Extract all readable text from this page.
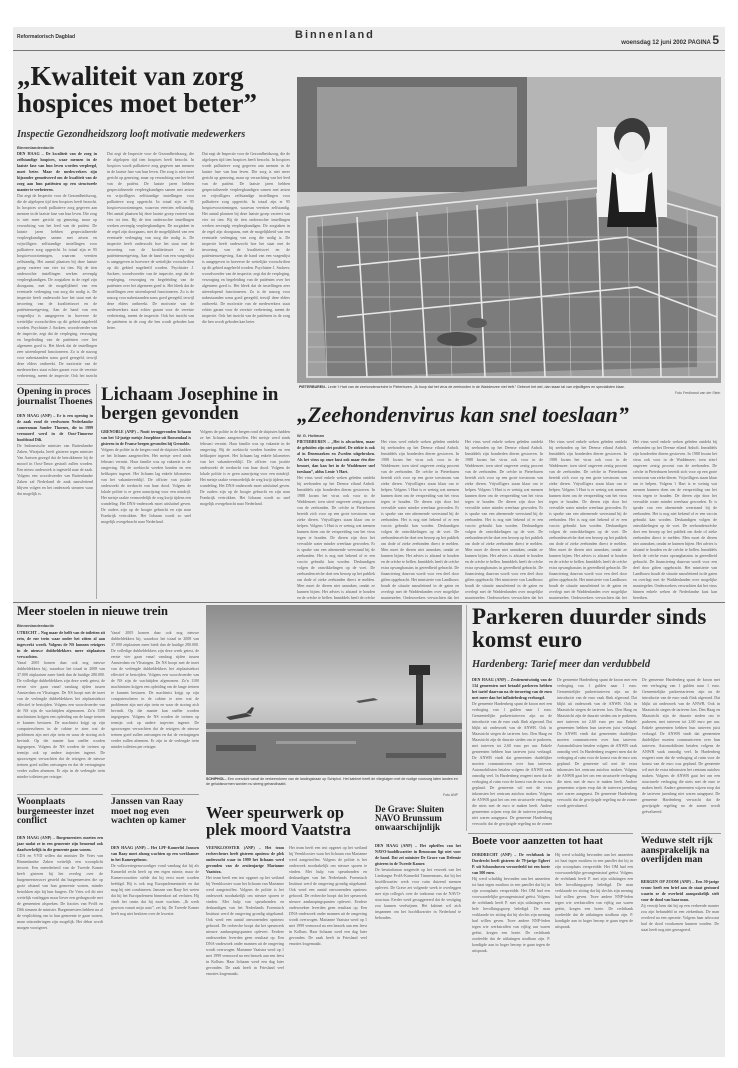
Reformatorisch Dagblad	Binnenland
woensdag 12 juni 2002 PAGINA 5
„Kwaliteit van zorg hospices moet beter”
Inspectie Gezondheidszorg looft motivatie medewerkers
Binnenlandredactie

DEN HAAG – De kwaliteit van de zorg in zelfstandige hospices, waar mensen in de laatste fase van hun leven worden verpleegd, moet beter. Maar de medewerkers zijn bijzonder gemotiveerd om de kwaliteit van de zorg aan hun patiënten op een structurele manier te verbeteren.

Dat zegt de Inspectie voor de Gezondheidszorg, die de afgelopen tijd tien hospices heeft bezocht. In hospices wordt palliatieve zorg gegeven aan mensen in de laatste fase van hun leven. Die zorg is niet meer gericht op genezing, maar op verzachting van het leed van de patiënt. De laatste jaren hebben gespecialiseerde verpleegkundigen samen met artsen en vrijwilligers zelfstandige instellingen voor palliatieve zorg opgericht. In totaal zijn er 95 hospicevoorzieningen, waarvan veertien zelfstandig. Het aantal plaatsen bij deze laatste groep varieert van vier tot tien. Bij de tien onderzochte instellingen werken zevenplg verpleegkundigen. De zorgtaken in de regel zijn doorgaans, met de mogelijkheid van een eventuele verlenging van zorg die nodig is. De inspectie heeft onderzocht hoe het staat met de invoering van de kwaliteitswet en de patiëntenwetgeving. Aan de hand van een vragenlijst is aangegeven in hoeverre de wettelijke voorschriften op dit gebied nageleefd worden. Psychiater J. Sackeer, woordvoerder van de inspectie, zegt dat de verpleging, verzorging en begeleiding van de patiënten over het algemeen goed is. Het bleek dat de instellingen zeer uiteenlopend functioneren. Zo is de nazorg voor nabestaanden soms goed geregeld, terwijl deze elders ontbreekt. De motivatie van de medewerkers staat echter garant voor de vereiste verbetering, meent de inspectie. Ook het inzicht

Dat zegt de Inspectie voor de Gezondheidszorg, die de afgelopen tijd tien hospices heeft bezocht. In hospices wordt palliatieve zorg gegeven aan mensen in de laatste fase van hun leven. Die zorg is niet meer gericht op genezing, maar op verzachting van het leed van de patiënt. De laatste jaren hebben gespecialiseerde verpleegkundigen samen met artsen en vrijwilligers zelfstandige instellingen voor palliatieve zorg opgericht. In totaal zijn er 95 hospicevoorzieningen, waarvan veertien zelfstandig. Het aantal plaatsen bij deze laatste groep varieert van vier tot tien. Bij de tien onderzochte instellingen werken zevenplg verpleegkundigen. De zorgtaken in de regel zijn doorgaans, met de mogelijkheid van een eventuele verlenging van zorg die nodig is. De inspectie heeft onderzocht hoe het staat met de invoering van de kwaliteitswet en de patiëntenwetgeving. Aan de hand van een vragenlijst is aangegeven in hoeverre de wettelijke voorschriften op dit gebied nageleefd worden. Psychiater J. Sackeer, woordvoerder van de inspectie, zegt dat de verpleging, verzorging en begeleiding van de patiënten over het algemeen goed is. Het bleek dat de instellingen zeer uiteenlopend functioneren. Zo is de nazorg voor nabestaanden soms goed geregeld, terwijl deze elders ontbreekt. De motivatie van de medewerkers staat echter garant voor de vereiste verbetering, meent de inspectie. Ook het inzicht van de patiënten in de zorg die hen wordt geboden kan beter.

Dat zegt de Inspectie voor de Gezondheidszorg, die de afgelopen tijd tien hospices heeft bezocht. In hospices wordt palliatieve zorg gegeven aan mensen in de laatste fase van hun leven. Die zorg is niet meer gericht op genezing, maar op verzachting van het leed van de patiënt. De laatste jaren hebben gespecialiseerde verpleegkundigen samen met artsen en vrijwilligers zelfstandige instellingen voor palliatieve zorg opgericht. In totaal zijn er 95 hospicevoorzieningen, waarvan veertien zelfstandig. Het aantal plaatsen bij deze laatste groep varieert van vier tot tien. Bij de tien onderzochte instellingen werken zevenplg verpleegkundigen. De zorgtaken in de regel zijn doorgaans, met de mogelijkheid van een eventuele verlenging van zorg die nodig is. De inspectie heeft onderzocht hoe het staat met de invoering van de kwaliteitswet en de patiëntenwetgeving. Aan de hand van een vragenlijst is aangegeven in hoeverre de wettelijke voorschriften op dit gebied nageleefd worden. Psychiater J. Sackeer, woordvoerder van de inspectie, zegt dat de verpleging, verzorging en begeleiding van de patiënten over het algemeen goed is. Het bleek dat de instellingen zeer uiteenlopend functioneren. Zo is de nazorg voor nabestaanden soms goed geregeld, terwijl deze elders ontbreekt. De motivatie van de medewerkers staat echter garant voor de vereiste verbetering, meent de inspectie. Ook het inzicht van de patiënten in de zorg die hen wordt geboden kan beter.

PIETERBUREN– Lenie 't Hart van de zeehondencrèche in Pieterburen. „Ik hoop dat het virus de zeehonden in de Waddenzee niet treft.” Gebeurt het wel, dan staan tal van vrijwilligers en specialisten klaar.
Foto Ferdinand van der Stein
Opening in proces journalist Thoenes

DEN HAAG (ANP) – Er is een opening in de zaak rond de verdwenen Nederlandse cameraman Sander Thoenes, die in 1999 vermoord werd in de Oost-Timorese hoofdstad Dili.

De Indonesische minister van Buitenlandse Zaken, Wirajuda, heeft gisteren tegen minister Van Aartsen gezegd dat de betrokkenen bij de moord in Oost-Timor gestraft zullen worden. Een nieuw onderzoek is ingesteld naar de zaak. Volgens een woordvoerder van Buitenlandse Zaken zal Nederland de zaak nauwlettend blijven volgen en het onderzoek steunen waar dat mogelijk is.

Lichaam Josephine in bergen gevonden

GRENOBLE (ANP) – Nooit teruggevonden lichaam van het 14-jarige meisje Josephine uit Roosendaal is gisteren in de Franse bergen gevonden bij Grenoble.

Volgens de politie in de bergen rond de skipistes hadden ze het lichaam aangetroffen. Het meisje werd sinds februari vermist. Haar familie was op vakantie in de omgeving. Bij de zoektocht werden honden en een helikopter ingezet. Het lichaam lag enkele kilometers van het vakantieverblijf. De officier van justitie onderzoekt de toedracht van haar dood. Volgens de lokale politie is er geen aanwijzing voor een misdrijf. Het meisje raakte vermoedelijk de weg kwijt tijdens een wandeling. Het DNA-onderzoek moet uitsluitsel geven. De ouders zijn op de hoogte gebracht en zijn naar Frankrijk vertrokken. Het lichaam wordt zo snel mogelijk overgebracht naar Nederland.

Volgens de politie in de bergen rond de skipistes hadden ze het lichaam aangetroffen. Het meisje werd sinds februari vermist. Haar familie was op vakantie in de omgeving. Bij de zoektocht werden honden en een helikopter ingezet. Het lichaam lag enkele kilometers van het vakantieverblijf. De officier van justitie onderzoekt de toedracht van haar dood. Volgens de lokale politie is er geen aanwijzing voor een misdrijf. Het meisje raakte vermoedelijk de weg kwijt tijdens een wandeling. Het DNA-onderzoek moet uitsluitsel geven. De ouders zijn op de hoogte gebracht en zijn naar Frankrijk vertrokken. Het lichaam wordt zo snel mogelijk overgebracht naar Nederland.

„Zeehondenvirus kan snel toeslaan”
W. G. Holtman

PIETERBUREN – „Het is afwachten, maar de geluiden zijn niet positief. De ziekte is ook al in Denemarken en Zweden uitgebroken. Als het virus op onze kust ook maar één dier besmet, dan kan het in de Waddenzee snel toeslaan”, aldus Lenie 't Hart.

Het virus werd enkele weken geleden ontdekt bij zeehonden op het Deense eiland Anholt. Inmiddels zijn honderden dieren gestorven. In 1988 kwam het virus ook voor in de Waddenzee; toen stierf ongeveer zestig procent van de zeehonden. De crèche in Pieterburen bereidt zich voor op een grote toestroom van zieke dieren. Vrijwilligers staan klaar om te helpen. Volgens 't Hart is er weinig wat mensen kunnen doen om de verspreiding van het virus tegen te houden. De dieren zijn door het vervuilde water minder weerbaar geworden. Er is sprake van een afnemende weerstand bij de zeehonden. Het is nog niet bekend of er een vaccin gebruikt kan worden. Deskundigen volgen de ontwikkelingen op de voet. De zeehondencrèche doet een beroep op het publiek om dode of zieke zeehonden direct te melden. Men moet de dieren niet aanraken, omdat ze kunnen bijten. Het advies is afstand te houden en de crèche te bellen. Inmiddels heeft de crèche

Het virus werd enkele weken geleden ontdekt bij zeehonden op het Deense eiland Anholt. Inmiddels zijn honderden dieren gestorven. In 1988 kwam het virus ook voor in de Waddenzee; toen stierf ongeveer zestig procent van de zeehonden. De crèche in Pieterburen bereidt zich voor op een grote toestroom van zieke dieren. Vrijwilligers staan klaar om te helpen. Volgens 't Hart is er weinig wat mensen kunnen doen om de verspreiding van het virus tegen te houden. De dieren zijn door het vervuilde water minder weerbaar geworden. Er is sprake van een afnemende weerstand bij de zeehonden. Het is nog niet bekend of er een vaccin gebruikt kan worden. Deskundigen volgen de ontwikkelingen op de voet. De zeehondencrèche doet een beroep op het publiek om dode of zieke zeehonden direct te melden. Men moet de dieren niet aanraken, omdat ze kunnen bijten. Het advies is afstand te houden en de crèche te bellen. Inmiddels heeft de crèche extra opvangbassins in gereedheid gebracht. De financiering daarvan wordt voor een deel door giften opgebracht. Het ministerie van Landbouw houdt de situatie nauwlettend in de gaten en overlegt met de Waddenlanden over mogelijke maatregelen. Onderzoekers verwachten dat het

Het virus werd enkele weken geleden ontdekt bij zeehonden op het Deense eiland Anholt. Inmiddels zijn honderden dieren gestorven. In 1988 kwam het virus ook voor in de Waddenzee; toen stierf ongeveer zestig procent van de zeehonden. De crèche in Pieterburen bereidt zich voor op een grote toestroom van zieke dieren. Vrijwilligers staan klaar om te helpen. Volgens 't Hart is er weinig wat mensen kunnen doen om de verspreiding van het virus tegen te houden. De dieren zijn door het vervuilde water minder weerbaar geworden. Er is sprake van een afnemende weerstand bij de zeehonden. Het is nog niet bekend of er een vaccin gebruikt kan worden. Deskundigen volgen de ontwikkelingen op de voet. De zeehondencrèche doet een beroep op het publiek om dode of zieke zeehonden direct te melden. Men moet de dieren niet aanraken, omdat ze kunnen bijten. Het advies is afstand te houden en de crèche te bellen. Inmiddels heeft de crèche extra opvangbassins in gereedheid gebracht. De financiering daarvan wordt voor een deel door giften opgebracht. Het ministerie van Landbouw houdt de situatie nauwlettend in de gaten en overlegt met de Waddenlanden over mogelijke maatregelen. Onderzoekers verwachten dat het

Het virus werd enkele weken geleden ontdekt bij zeehonden op het Deense eiland Anholt. Inmiddels zijn honderden dieren gestorven. In 1988 kwam het virus ook voor in de Waddenzee; toen stierf ongeveer zestig procent van de zeehonden. De crèche in Pieterburen bereidt zich voor op een grote toestroom van zieke dieren. Vrijwilligers staan klaar om te helpen. Volgens 't Hart is er weinig wat mensen kunnen doen om de verspreiding van het virus tegen te houden. De dieren zijn door het vervuilde water minder weerbaar geworden. Er is sprake van een afnemende weerstand bij de zeehonden. Het is nog niet bekend of er een vaccin gebruikt kan worden. Deskundigen volgen de ontwikkelingen op de voet. De zeehondencrèche doet een beroep op het publiek om dode of zieke zeehonden direct te melden. Men moet de dieren niet aanraken, omdat ze kunnen bijten. Het advies is afstand te houden en de crèche te bellen. Inmiddels heeft de crèche extra opvangbassins in gereedheid gebracht. De financiering daarvan wordt voor een deel door giften opgebracht. Het ministerie van Landbouw houdt de situatie nauwlettend in de gaten en overlegt met de Waddenlanden over mogelijke maatregelen. Onderzoekers verwachten dat het

Het virus werd enkele weken geleden ontdekt bij zeehonden op het Deense eiland Anholt. Inmiddels zijn honderden dieren gestorven. In 1988 kwam het virus ook voor in de Waddenzee; toen stierf ongeveer zestig procent van de zeehonden. De crèche in Pieterburen bereidt zich voor op een grote toestroom van zieke dieren. Vrijwilligers staan klaar om te helpen. Volgens 't Hart is er weinig wat mensen kunnen doen om de verspreiding van het virus tegen te houden. De dieren zijn door het vervuilde water minder weerbaar geworden. Er is sprake van een afnemende weerstand bij de zeehonden. Het is nog niet bekend of er een vaccin gebruikt kan worden. Deskundigen volgen de ontwikkelingen op de voet. De zeehondencrèche doet een beroep op het publiek om dode of zieke zeehonden direct te melden. Men moet de dieren niet aanraken, omdat ze kunnen bijten. Het advies is afstand te houden en de crèche te bellen. Inmiddels heeft de crèche extra opvangbassins in gereedheid gebracht. De financiering daarvan wordt voor een deel door giften opgebracht. Het ministerie van Landbouw houdt de situatie nauwlettend in de gaten en overlegt met de Waddenlanden over mogelijke maatregelen. Onderzoekers verwachten dat het virus binnen enkele weken de Nederlandse kust kan bereiken.

Meer stoelen in nieuwe trein
Binnenlandredactie

UTRECHT – Nog maar de helft van de toiletten zit erin, de ene trein waar onder het zitten al aan ingewerkt wordt. Volgens de NS kunnen reizigers in de nieuwe dubbeldekkers meer zitplaatsen verwachten.

Vanaf 2005 komen daar ook nog nieuwe dubbeldekkers bij, waardoor het totaal in 2008 van 37.000 zitplaatsen meer biedt dan de huidige 280.000. De volledige dubbeldekkers zijn deze week getest, de eerste vier gaan vanaf vandaag rijden tussen Amsterdam en Vlissingen. De NS hoopt met de inzet van de verlengde dubbeldekkers het zitplaatstekort effectief te bestrijden. Volgens een woordvoerder van de NS zijn de wachttijden afgenomen. Zo'n 1100 machinisten krijgen een opleiding om de lange treinen te kunnen besturen. De machinist krijgt op zijn computerscherm in de cabine te zien wat de problemen zijn met zijn trein en waar de storing zich bevindt. Op die manier kan sneller worden ingegrepen. Volgens de NS worden de treinen op termijn ook op andere trajecten ingezet. De spoorwegen verwachten dat de reizigers de nieuwe treinen goed zullen ontvangen en dat de vertragingen verder zullen afnemen. Er zijn in de verlengde trein minder toiletten per reiziger.

Vanaf 2005 komen daar ook nog nieuwe dubbeldekkers bij, waardoor het totaal in 2008 van 37.000 zitplaatsen meer biedt dan de huidige 280.000. De volledige dubbeldekkers zijn deze week getest, de eerste vier gaan vanaf vandaag rijden tussen Amsterdam en Vlissingen. De NS hoopt met de inzet van de verlengde dubbeldekkers het zitplaatstekort effectief te bestrijden. Volgens een woordvoerder van de NS zijn de wachttijden afgenomen. Zo'n 1100 machinisten krijgen een opleiding om de lange treinen te kunnen besturen. De machinist krijgt op zijn computerscherm in de cabine te zien wat de problemen zijn met zijn trein en waar de storing zich bevindt. Op die manier kan sneller worden ingegrepen. Volgens de NS worden de treinen op termijn ook op andere trajecten ingezet. De spoorwegen verwachten dat de reizigers de nieuwe treinen goed zullen ontvangen en dat de vertragingen verder zullen afnemen. Er zijn in de verlengde trein minder toiletten per reiziger.

SCHIPHOL– Een overzicht vanaf de verkeerstoren van de landingsbaan op Schiphol. Het kabinet heeft de vliegtuigen met de nodige voorzorg laten landen en de geluidsnormen worden nu streng gehandhaafd.
Foto ANP
Parkeren duurder sinds komst euro
Hardenberg: Tarief meer dan verdubbeld

DEN HAAG (ANP) – Zestienentwintig van de 134 gemeenten met betaald parkeren hebben het tarief daarvan na de invoering van de euro met meer dan het inflatiebedrag verhoogd.

De gemeente Hardenberg spant de kroon met een verhoging van 1 gulden naar 1 euro. Gemeentelijke parkeertarieven zijn na de introductie van de euro vaak flink afgerond. Dat blijkt uit onderzoek van de ANWB. Ook in Maastricht stegen de tarieven fors. Den Haag en Maastricht zijn de duurste steden om te parkeren, met tarieven tot 2,60 euro per uur. Enkele gemeenten hebben hun tarieven juist verlaagd. De ANWB vindt dat gemeenten duidelijker moeten communiceren over hun tarieven. Automobilisten betalen volgens de ANWB vaak onnodig veel. In Hardenberg reageert men dat de verhoging al ruim voor de komst van de euro was gepland. De gemeente wil met de extra inkomsten het centrum autoluw maken. Volgens de ANWB gaat het om een structurele verhoging die niets met de euro te maken heeft. Andere gemeenten wijzen erop dat de tarieven jarenlang niet waren aangepast. De gemeente Hardenberg verwacht dat de gewijzigde regeling na de zomer

De gemeente Hardenberg spant de kroon met een verhoging van 1 gulden naar 1 euro. Gemeentelijke parkeertarieven zijn na de introductie van de euro vaak flink afgerond. Dat blijkt uit onderzoek van de ANWB. Ook in Maastricht stegen de tarieven fors. Den Haag en Maastricht zijn de duurste steden om te parkeren, met tarieven tot 2,60 euro per uur. Enkele gemeenten hebben hun tarieven juist verlaagd. De ANWB vindt dat gemeenten duidelijker moeten communiceren over hun tarieven. Automobilisten betalen volgens de ANWB vaak onnodig veel. In Hardenberg reageert men dat de verhoging al ruim voor de komst van de euro was gepland. De gemeente wil met de extra inkomsten het centrum autoluw maken. Volgens de ANWB gaat het om een structurele verhoging die niets met de euro te maken heeft. Andere gemeenten wijzen erop dat de tarieven jarenlang niet waren aangepast. De gemeente Hardenberg verwacht dat de gewijzigde regeling na de zomer wordt geëvalueerd.

De gemeente Hardenberg spant de kroon met een verhoging van 1 gulden naar 1 euro. Gemeentelijke parkeertarieven zijn na de introductie van de euro vaak flink afgerond. Dat blijkt uit onderzoek van de ANWB. Ook in Maastricht stegen de tarieven fors. Den Haag en Maastricht zijn de duurste steden om te parkeren, met tarieven tot 2,60 euro per uur. Enkele gemeenten hebben hun tarieven juist verlaagd. De ANWB vindt dat gemeenten duidelijker moeten communiceren over hun tarieven. Automobilisten betalen volgens de ANWB vaak onnodig veel. In Hardenberg reageert men dat de verhoging al ruim voor de komst van de euro was gepland. De gemeente wil met de extra inkomsten het centrum autoluw maken. Volgens de ANWB gaat het om een structurele verhoging die niets met de euro te maken heeft. Andere gemeenten wijzen erop dat de tarieven jarenlang niet waren aangepast. De gemeente Hardenberg verwacht dat de gewijzigde regeling na de zomer wordt geëvalueerd.

Woonplaats burgemeester inzet conflict

DEN HAAG (ANP) – Burgemeesters moeten een jaar nadat ze in een gemeente zijn benoemd ook daadwerkelijk in die gemeente gaan wonen.

CDA en VVD willen dat minister De Vries van Binnenlandse Zaken wettelijk een woonplicht invoert. Een meerderheid van de Tweede Kamer heeft gisteren bij het overleg over de burgemeesterswet gesteld dat burgemeesters die op grote afstand van hun gemeente wonen, minder betrokken zijn bij hun burgers. De Vries wil dit niet wettelijk vastleggen maar liever een gedragscode met de gemeenten afspreken. De fracties van PvdA en D66 steunen de minister. Burgemeesters hebben nu al de verplichting om in hun gemeente te gaan wonen, maar uitzonderingen zijn mogelijk. Het debat wordt morgen voortgezet.

Janssen van Raay moet nog even wachten op kamer

DEN HAAG (ANP) – Het LPF-Kamerlid Janssen van Raay moet alsnog wachten op een werkkamer in het Kamergebouw.

De volksvertegenwoordiger vond vandaag dat hij als Kamerlid recht heeft op een eigen ruimte, maar de Kamervoorzitter stelde dat hij eerst moet worden beëdigd. Hij is ook nog Europarlementariër en dat mag hij niet combineren. Janssen van Raay liet weten dat hij het Europarlement binnenkort zal verlaten. Hij vindt het onzin dat hij moet wachten. „Ik werk gewoon vanuit mijn auto”, zei hij. De Tweede Kamer heeft nog niet besloten over de kwestie.

Weer speurwerk op plek moord Vaatstra

VEENKLOOSTER (ANP) – Het team rechercheurs heeft gisteren opnieuw de plek onderzocht waar in 1999 het lichaam werd gevonden van de zestienjarige Marianne Vaatstra.

Het team heeft een test opgezet op het weiland bij Veenklooster waar het lichaam van Marianne werd aangetroffen. Volgens de politie is het onderzoek noodzakelijk om nieuwe sporen te vinden. Met hulp van speurhonden en deskundigen van het Nederlands Forensisch Instituut werd de omgeving grondig uitgekamd. Ook werd een aantal omwonenden opnieuw gehoord. De recherche hoopt dat het speurwerk nieuwe aanknopingspunten oplevert. Eerdere onderzoeken leverden geen resultaat op. Een DNA-onderzoek onder mannen uit de omgeving wordt overwogen. Marianne Vaatstra werd op 1 mei 1999 vermoord na een bezoek aan een feest in Kollum. Haar lichaam werd een dag later gevonden. De zaak heeft in Friesland veel emoties losgemaakt.

Het team heeft een test opgezet op het weiland bij Veenklooster waar het lichaam van Marianne werd aangetroffen. Volgens de politie is het onderzoek noodzakelijk om nieuwe sporen te vinden. Met hulp van speurhonden en deskundigen van het Nederlands Forensisch Instituut werd de omgeving grondig uitgekamd. Ook werd een aantal omwonenden opnieuw gehoord. De recherche hoopt dat het speurwerk nieuwe aanknopingspunten oplevert. Eerdere onderzoeken leverden geen resultaat op. Een DNA-onderzoek onder mannen uit de omgeving wordt overwogen. Marianne Vaatstra werd op 1 mei 1999 vermoord na een bezoek aan een feest in Kollum. Haar lichaam werd een dag later gevonden. De zaak heeft in Friesland veel emoties losgemaakt.

De Grave: Sluiten NAVO Brunssum onwaarschijnlijk

DEN HAAG (ANP) – Het opheffen van het NAVO-hoofdkwartier in Brunssum ligt niet voor de hand. Dat zei minister De Grave van Defensie gisteren in de Tweede Kamer.

De bewindsman reageerde op het verzoek van het Limburgse PvdA-Kamerlid Timmermans, dat bij het hoofdkwartier werk voor ruim duizend mensen oplevert. De Grave zei volgende week te overleggen met zijn collega's over de toekomst van de NAVO-structuur. Eerder werd gesuggereerd dat de vestiging zou kunnen verdwijnen. Het kabinet wil zich inspannen om het hoofdkwartier in Nederland te behouden.

Boete voor aanzetten tot haat

DORDRECHT (ANP) – De rechtbank in Dordrecht heeft gisteren de 79-jarige Egbert P. uit Schoonhoven veroordeeld tot een boete van 500 euro.

Hij werd schuldig bevonden aan het aanzetten tot haat tegen moslims in een pamflet dat hij in zijn woonplaats verspreidde. Het OM had een voorwaardelijke gevangenisstraf geëist. Volgens de rechtbank heeft P. met zijn uitlatingen een hele bevolkingsgroep beledigd. De man verklaarde ter zitting dat hij slechts zijn mening had willen geven. Twee andere NNP-leden tegen wie werkstraffen van vijftig uur waren geëist, kregen een boete. De rechtbank oordeelde dat de uitlatingen strafbaar zijn. P. kondigde aan in hoger beroep te gaan tegen de uitspraak.

Hij werd schuldig bevonden aan het aanzetten tot haat tegen moslims in een pamflet dat hij in zijn woonplaats verspreidde. Het OM had een voorwaardelijke gevangenisstraf geëist. Volgens de rechtbank heeft P. met zijn uitlatingen een hele bevolkingsgroep beledigd. De man verklaarde ter zitting dat hij slechts zijn mening had willen geven. Twee andere NNP-leden tegen wie werkstraffen van vijftig uur waren geëist, kregen een boete. De rechtbank oordeelde dat de uitlatingen strafbaar zijn. P. kondigde aan in hoger beroep te gaan tegen de uitspraak.

Weduwe stelt rijk aansprakelijk na overlijden man

BERGEN OP ZOOM (ANP) – Een 50-jarige vrouw heeft een brief aan de staat gestuurd waarin ze de overheid aansprakelijk stelt voor de dood van haar man.

Zij verwijt hem dat hij op een verkeerde manier zou zijn behandeld in een ziekenhuis. De man overleed na een operatie. Volgens haar advocaat had de dood voorkomen kunnen worden. De staat heeft nog niet gereageerd.
